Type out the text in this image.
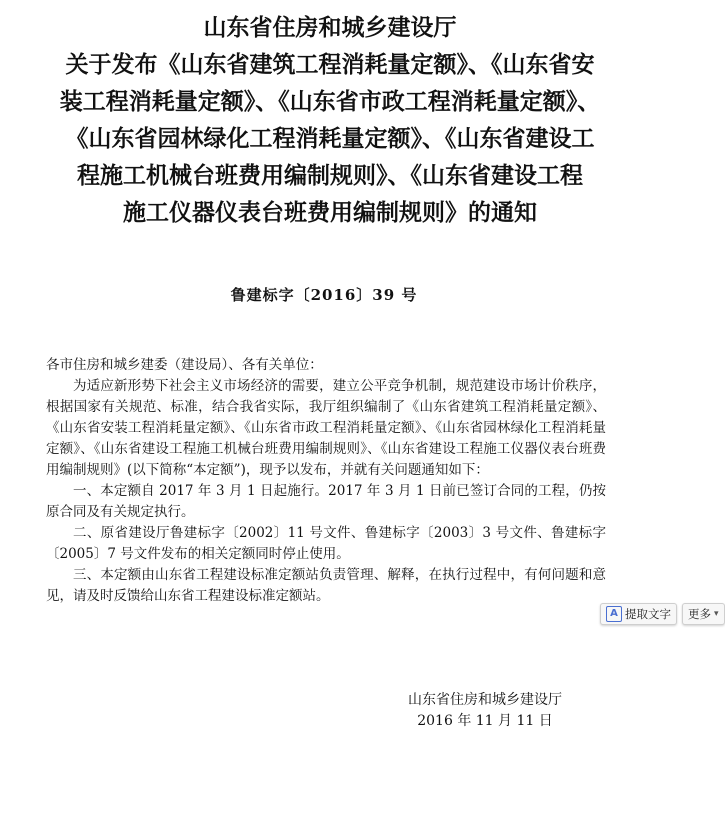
山东省住房和城乡建设厅
关于发布《山东省建筑工程消耗量定额》、《山东省安
装工程消耗量定额》、《山东省市政工程消耗量定额》、
《山东省园林绿化工程消耗量定额》、《山东省建设工
程施工机械台班费用编制规则》、《山东省建设工程
施工仪器仪表台班费用编制规则》的通知
鲁建标字〔2016〕39 号

各市住房和城乡建委（建设局）、各有关单位：

为适应新形势下社会主义市场经济的需要，建立公平竞争机制，规范建设市场计价秩序，根据国家有关规范、标准，结合我省实际，我厅组织编制了《山东省建筑工程消耗量定额》、《山东省安装工程消耗量定额》、《山东省市政工程消耗量定额》、《山东省园林绿化工程消耗量定额》、《山东省建设工程施工机械台班费用编制规则》、《山东省建设工程施工仪器仪表台班费用编制规则》(以下简称“本定额”)，现予以发布，并就有关问题通知如下：

一、本定额自 2017 年 3 月 1 日起施行。2017 年 3 月 1 日前已签订合同的工程，仍按原合同及有关规定执行。

二、原省建设厅鲁建标字〔2002〕11 号文件、鲁建标字〔2003〕3 号文件、鲁建标字〔2005〕7 号文件发布的相关定额同时停止使用。

三、本定额由山东省工程建设标准定额站负责管理、解释，在执行过程中，有何问题和意见，请及时反馈给山东省工程建设标准定额站。

A 提取文字 更多 ▾
山东省住房和城乡建设厅
2016 年 11 月 11 日
